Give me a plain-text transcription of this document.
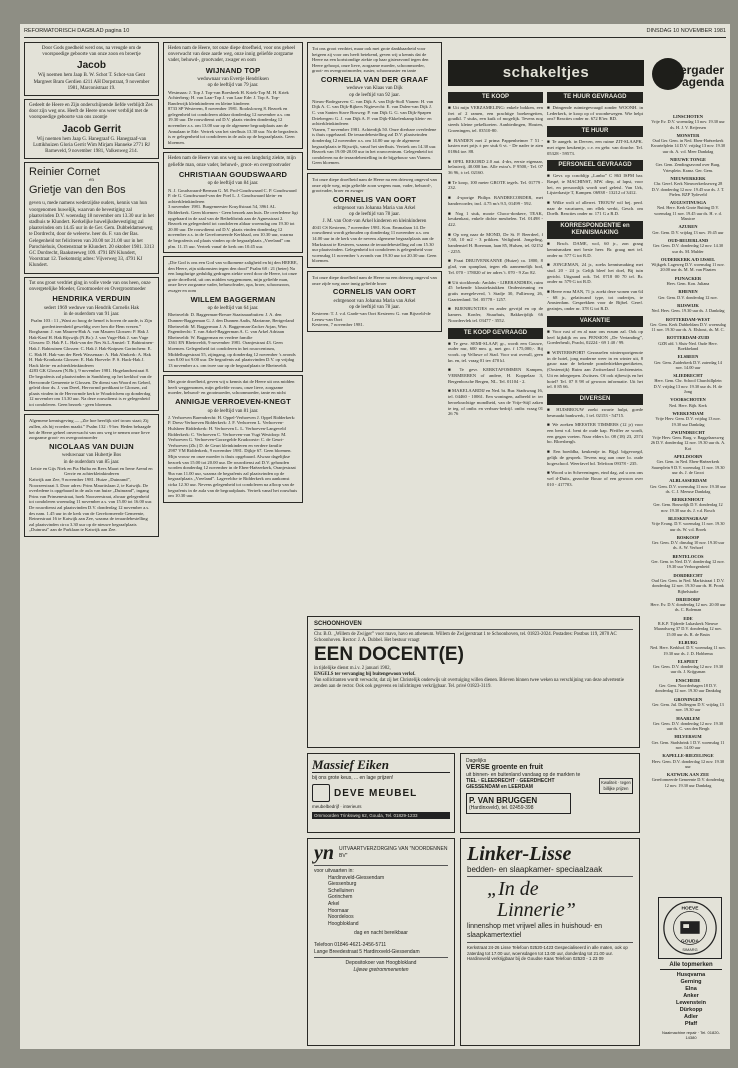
REFORMATORISCH DAGBLAD pagina 10	DINSDAG 10 NOVEMBER 1981
Door Gods goedheid werd ons, na vreugde om de voorspoedige geboorte van onze zoon en broertje
Jacob
Wij noemen hem Jaap B. W. Schot T. Schot-van Gent Margreet Bram Gerdien 4211 AH Dorpstraat, 9 november 1981, Marconistraat 19.
Gedeelt de Heere en Zijn onderschijnende liefde verblijdt Zes door zijn weg ons. Heeft de Heere ons weer verblijd met de voorspoedige geboorte van ons zoontje
Jacob Gerrit
Wij noemen hem Jaap G. Hanegraaf G. Hanegraaf-van Luttikhuizen Gloria Gerrit Wim Mirjam Hanneke 2771 RJ Barneveld, 9 november 1981, Valkenweg 214.
Reinier Cornet
en
Grietje van den Bos
geven u, mede namens wederzijdse ouders, kennis van hun voorgenomen huwelijk, waarvan de bevestiging zal plaatsvinden D.V. woensdag 18 november om 13.30 uur in het stadhuis te Klundert. Kerkelijke huwelijksbevestiging zal plaatsvinden om 14.45 uur in de Ger. Gem. Dubbeldamseweg te Dordrecht, door de weleerw. heer ds. F. van der Bas. Gelegenheid tot feliciteren van 20.00 tot 21.00 uur in het Parochiehuis, Oostenstraat te Klundert. 20 oktober 1981. 3313 GC Dordrecht, Baaksteeweg 109. 4791 BN Klundert, Voorstraat 12. Toekomstig adres: Vijverweg 33, 4791 KJ Klundert.
Tot ons groot verdriet ging in volle vrede van ons heen, onze onvergetelijke Moeder, Grootmoeder en Overgrootmoeder
HENDRIKA VERDUIN
sedert 1969 weduwe van Hendrik Cornelis Hak
in de ouderdom van 91 jaar.
Psalm 103 : 11 „Want zo hoog de hemel is boven de aarde, is Zijn goedertierenheid geweldig over hen die Hem vrezen.”
Borghamn: J. van Mauren-Hak A. van Mauren Glossen: P. Hak J. Hak-Kanf H. Hak Rijswijk (N.Br.): J. van Vuge-Hak J. van Vuge Glossen: D. Hak P. L. Hak-van der Nes St.L.Amstel: T. Bahtruinen-Hak J. Bahtruinen Glossen: C. Hak J. Hak-Knipsen Gorinchem: E. C. Hak H. Hak-van der Beek Wassenaar: A. Hak Almkerk: A. Hak H. Hak-Kronkarta Glossen: E. Hak Hoevele: P. S. Hack-Hak J. Hack klein- en achterkleinkinderen
4283 GK Glossen (N.Br.), 9 november 1981. Hogelandsestraat 8. De begrafenis zal plaatsvinden in Sandsberg op het kerkhof van de Hervormde Gemeente te Glossen. De dienst van Woord en Gebed, geleid door ds. J. van Dreel, Hervormd predikant te Glossen, zal plaats vinden in de Hervormde kerk te Woudrichem op donderdag 12 november om 13.30 uur. Na deze rouwdienst is er gelegenheid tot condoleren. Geen bezoek - geen bloemen.
Algemene kennisgeving — „Zie hoe heerlijk stef trouw staat; Zij zullen, als hij vroeden maakt.” Psalm 132 : 9 ber. Heden behaagde het de Heere geheel onverwacht van ons weg te nemen onze lieve zorgzame groot- en overgrootmoeder
NICOLAAS VAN DUIJN
weduwnaar van Hubertje Bos
in de ouderdom van 85 jaar.
Leisie en Gijs Niek en Pia Huiba en Rees Maart en Irene Arend en Gerrie en achterkleinkinderen
Katwijk aan Zee, 9 november 1981. Huize „Duinrand”, Noorzeestraat 3. Door adres: Prins Mauritslaan 2, te Katwijk. De overledene is opgebaard in de aula van huize „Duinrand”, ingang Prins van Prinsenestraat, hoek Noorzeestraat, alwaar gelegenheid tot condoleren woensdag 11 november a.s. van 15.00 tot 16.00 uur. De rouwdienst zal plaatsvinden D.V. donderdag 12 november a.s. des nam. 1.45 uur in de kerk van de Gereformeerde Gemeente, Reinerstraat 16 te Katwijk aan Zee, waarna de teraardebestelling zal plaatsvinden circa 3.30 uur op de nieuwe begraafplaats „Duinrust” aan de Parklaan te Katwijk aan Zee.
Heden nam de Heere, tot onze diepe droefheid, voor ons geheel onverwacht van deze aarde weg, onze innig geliefde zorgzame vader, behuwd-, grootvader, zwager en oom
WIJNAND TOP
weduwnaar van Evertje Hendriksen
op de leeftijd van 79 jaar.
Westmaas: J. Top J. Top-van Boesbeek H. Kriek-Top M. H. Kriek Achterberg: H. van Laar-Top J. van Laar Ede: J. Top A. Top-Randewijk kleinkinderen en kleine kinderen
8733 SP Westerem, 8 november 1981. Rooksloweg 8. Bezoek en gelegenheid tot condoleren aldaar donderdag 12 november a.s. om 19.30 uur. De rouwdienst zal D.V. plaats vinden donderdag 12 november a.s. om 13.00 uur op de algemene begraafplaats aan de Annalaan te Ede. Vertrek van het sterfhuis 13.30 uur. Na de begrafenis is er gelegenheid tot condoleren in de aula op de begraafplaats. Geen bloemen.
Heden nam de Heere van ons weg na een langdurig ziekte, mijn geliefde man, onze vader, behuwd-, groot- en overgrootvader
CHRISTIAAN GOUDSWAARD
op de leeftijd van 84 jaar.
N. J. Goudswaard-Berman G. M. Prol-Goudswaard C. P. Goudswaard P. de G. Goudswaard-van der Poel L. J. Goudswaard klein- en achterkleinkinderen
3 november 1981. Burgemeester Kruyffstraat 54, 3961 AL Ridderkerk. Geen bloemen - Geen bezoek aan huis. De overledene ligt opgebaard in de zaal van de Betheltbrink aan de Agnesstraat 2. Bezoek en gelegenheid tot condoleren aldaar woensdag om 19.30 tot 20.00 uur. De rouwdienst zal D.V. plaats vinden donderdag 12 november a.s. in de Gereformeerde Kerkhaal, om 10.30 uur, waarna de begrafenis zal plaats vinden op de begraafplaats „Vreeland” om plm. 11.15 uur. Vertrek vanaf de kerk om 10.45 uur.
„Die God is ons een God van volkomene zaligheid en bij den HEERE, den Heere, zijn uitkomsten tegen den dood” Psalm 68 : 21 (beter) Na een langdurige geduldig gedragen ziekte werd door de Heere, tot onze grote droefheid, uit ons midden weggenomen, mijn geliefde man, onze lieve zorgzame vader, behuwdvader, opa, broer, schoonzoon, zwager en oom
WILLEM BAGGERMAN
op de leeftijd van 64 jaar.
Rheinveldt: D. Baggerman-Breure Staatsnaarbuiten: J. A. den Dunnen-Baggerman G. J. den Dunnen Aadis, Marianne, Bertgerland Rheinveldt: M. Baggerman J. A. Baggerman-Zacker Arjan, Wim Pagendrecht: T. van Arkel-Baggerman A. C. van Arkel Adriaan Rheinveldt: W. Baggerman en verdere familie
3361 EN Rheinveldt, 9 november 1981. Oranjestraat 43. Geen bloemen. Gelegenheid tot condoleren in het rouwcentrum, Middelhagestraat 55, zijingang, op donderdag 12 november 's avonds van 8.00 tot 9.00 uur. De begrafenis zal plaatsvinden D.V. op vrijdag 13 november a.s. om twee uur op de begraafplaats te Rheinveldt.
Met grote droefheid, geven wij u kennis dat de Heere uit ons midden heeft weggenomen, mijn geliefde vrouw, onze lieve, zorgzame moeder, behuwd- en grootmoeder, schoonmoeder, tante en nicht
ANNIGJE VERROEVEN-KNEGT
op de leeftijd van 81 jaar.
J. Verhoeven Barendrecht: H. Oppel-Verhoeven J. Oppel Ridderkerk: P. Dress-Verhoeven Ridderkerk: J. F. Verhoeven L. Verhoeven-Hulsbeer Ridderkerk: H. Verhoeven L. L. Verhoeven-Langeveld Ridderkerk: C. Verhoeven C. Verhoeven-van Vugt Westdorp: M. Verhoeven G. Verhoeven-Gorzegelde Krudoorste: C. de Geurt-Verhoeven (Zb.) D. de Geurt kleinkinderen en verdere familie
2987 VM Ridderkerk, 9 november 1981. Dijkje 67. Geen bloemen. Mijn vrouw en onze moeder is thuis opgebaard. Alwaar dagelijkse bezoek van 15.00 tot 20.00 uur. De rouwdienst zal D.V. gehouden worden donderdag 12 november in de Eben-Haëzerkerk, Oranjestraat 9ba van 11.00 uur, waarna de begrafenis zal plaatsvinden op de begraafplaats „Vreeland”. Lageveldse te Ridderkerk om aankomst cirka 12.30 uur. Nevens gelegenheid tot condoleren na afloop van de begrafenis in de aula van de begraafplaats. Vertrek vanaf het rouwhuis om 10.30 uur.
Tot ons groot verdriet, maar ook met grote dankbaarheid voor hetgeen zij voor ons heeft betekend, geven wij u kennis dat de Heere na een kortstondige ziekte op haar gisteravond tegen den Heere gehoopt, onze lieve, zorgzame moeder, schoonmoeder, groot- en overgrootmoeder, zuster, schoonzuster en tante
CORNELIA VAN DER GRAAF
weduwe van Klaas van Dijk
op de leeftijd van 92 jaar.
Nieuw-Bodegraven: C. van Dijk A. van Dijk-Stoll Vianen: H. van Dijk A. C. van Dijk-Rijkers Nigtevecht: E. van Dalen-van Dijk J. C. van Santen Stave Bosweg: P. van Dijk G. G. van Dijk-Spapen Driebergen: G. J. van Dijk A. P. van Dijk-Ekkelenkamp klein- en achterkleinkinderen
Vianen, 7 november 1981. Achterdijk 50. Onze dierbare overledene is thuis opgebaard. De teraardebestelling zal D.V. plaatsvinden donderdag 12 november a.s. om 14.00 uur op de algemene begraafplaats te Rijswijk, vanaf het sterfhuis. Vertrek om 14.30 uur. Bezoek van 19.00-20.00 uur in het rouwcentrum. Gelegenheid tot condoleren na de teraardebestelling in de bijgebouw van Vianen. Geen bloemen.
Tot onze diepe droefheid nam de Heere na een drieweg ongeval van onze zijde weg, mijn geliefde zoon wegens man, vader, behuwd-, grootvader, broer en zwager
CORNELIS VAN OORT
echtgenoot van Johanna Maria van Arkel
op de leeftijd van 78 jaar.
J. M. van Oort-van Arkel kinderen en kleinkinderen
4041 CS Kesteren, 7 november 1981. Kon. Emmalaan 14. De rouwdienst wordt gehouden op donderdag 11 november a.s. om 14.00 uur in de kerk van de nevens algemene begraafplaats aan de Markstraat te Kesteren, waarna de teraardebestelling zal om 15.30 uur plaatsvinden. Gelegenheid tot condoleren is gelegenheid voor woensdag 11 november 's avonds van 19.30 uur tot 20.30 uur. Geen bloemen.
Tot onze diepe droefheid nam de Heere na een drieweg ongeval van onze zijde weg onze innig geliefde broer
CORNELIS VAN OORT
echtgenoot van Johanna Maria van Arkel
op de leeftijd van 78 jaar.
Kesteren: T. J. v.d. Garde-van Oort Kesteren: G. van Bijsveld-de Leeuw-van Oort
Kesteren, 7 november 1981.
SCHOONHOVEN
Chr. B.O. „Willem de Zwijger” voor mavo, havo en atheneum. Willem de Zwijgerstraat 1 te Schoonhoven, tel. 01823-2024. Postadres: Postbus 119, 2870 AC Schoonhoven. Rector: J. A. Dubbel. Het bestuur vraagt
EEN DOCENT(E)
in tijdelijke dienst m.i.v. 2 januari 1982,
ENGELS ter vervanging bij buitengewoon verlof.
Van sollicitanten wordt verwacht, dat zij het Christelijk onderwijs uit overtuiging willen dienen. Brieven binnen twee weken na verschijning van deze advertentie zenden aan de rector. Ook ook gegevens en inlichtingen verkrijgbaar. Tel. privé 01823-3119.
Massief Eiken
bij ons grote keus, ... en lage prijzen!
DEVE MEUBEL
meubelbedrijf · interieurs
Ommoorden Trinksweg 62, Gouda, Tel. 01829-1233
Dagelijks
VERSE groente en fruit
uit binnen- en buitenland vandaag op de markten te
TIEL · ELEEDRECHT · GEERDHECHT
GIESSENDAM en LEERDAM
Kwaliteit · tegen billijke prijzen
P. VAN BRUGGEN
(Hardinxveld), tel. 02459-398
yn UITVAARTVERZORGING VAN "NOORDENNEN BV"
voor uitvaarten in:
Hardinxveld-Giessendam
Giessenburg
Schelluinen
Gorinchem
Arkel
Hoornaar
Noordeloos
Hoogblokland
dag en nacht bereikbaar
Telefoon 01846-4621-2456-5711
Lange Breedestraat 5 Hardinxveld-Giessendam
Depositokoer van Hoogblokland
Lijewe gretrommenenten
Linker-Lisse
bedden- en slaapkamer- speciaalzaak
„In de
Linnerie”
linnenshop met vrijwel alles in huishoud- en slaapkamertextiel
Kerkstraat 24-26 Lisse Telefoon 02520-1423 Gespecialiseerd in alle maten, ook op zaterdag tot 17.00 uur, woensdagen tot 13.00 uur, donderdag tot 21.00 uur. Hardinxveld verkrijgbaar bij de Goudse Kaas Telefoon 02520 - 1 23 09
schakeltjes
TE KOOP
■ Uit mijn VERZAMELING: enkele bokken, een fret of 2 ramen, een prachtige boekengeiten, goudkl. 7 stuks, een kuik of mogelijk. Tevens nog steeds kleine pekelkoeien. Aanbiedingen, Houten, Groeningen, tel. 03510-80.
■ BANDEN mei 2 prima Pappenheimer 7 51 - kasten met prijs ± per stuk 6 vt. - De nader te zien 01864 toe. 88.
■ OPEL REKORD 2.0 aut. 4-drs, eerste eigenaar, belastvrij, 40.000 km. Alle extra's. F 9500,- Tel. 07 36 96, ± tel. 02160.
■ Te koop, 100 meter GROTE tegels. Tel. 01779 - 232.
■ 4-sporige Philips BANDRECORDER, met bandrecorder, incl. 4.75 m/s 9.5, 01499 - 592.
■ Nog 1 stuk, mooie Choco-donkere, TEAK, keukenkast, enkele dichte meubelen. Tel. 01498 - 422.
■ Op weg naar de MOND, De St. P. Beerdeel, f 7,60, 10 m2 - 3 prikken. Veiligheid. Jongeling, bandenstel H. Boerman, laan 85, Hulsen, tel. 02152 - 2255.
■ Fraai DRUIVENKANNE (Huize) ca. 1800, 8 glad, van spanplaat, tegen elk aannemelijk bod, Tel. 070 - 178020 of ter adres 't. 070 - 9 Zac 82.
■ Uit stockbreak: Amlabs - LIBERANDRES, ruim 45 bekende klassiekstukken Ondersteuning en gratis meegeleverd, 't Stadje 30, Pallieweg 26, Gaartenland. Tel. 05778 - 1257.
■ BIJENBUNTJES en ander gevrijd en op de kamers. Konfer, Stuurhuis, Bakkerijdijk 66 Noordervlek tel. 03477 - 3552.
TE KOOP GEVRAAGD
■ Te gevr. SEMI-SLAAP, gr., wordt een Gouwe, ouder nur, 600 mm. g. met gro. f 175,000,-. Bij voork. op Velluwe of Stad. Voor wat overall, geen kn. en, tel. vraag 01 tev 470 kl.
■ Te gevr. KERKTAFOMMEN Kampen, VERMEEREN of andere, H. Koppelaar 3, Bergenbosche Bergen, NL. Tel. 01104 - 2.
■ MAKELAARDIJ en Ned. bt. Bur. Stadswaag 16, tel. 04460 - 10061. Een woningen, aalbeeld te: ter beroekrachtige mondheid, van de Vrije-Stijl zaken te teg. of ontbr. en verhurs-bedrijf. ontbr. vraag 01 26 76
TE HUUR GEVRAAGD
■ Dringende ruimtegevraagd zonder WOONH. in Lederkerk, te koop op of woonbewegen. Wie helpt ons? Reacties onder nr. 672 R'ter. RD.
TE HUUR
■ Te aangeb. in Derven, een ruime ZIT-SLAAPK. met eigen keukentje, c.v. en gebr. van douche. Tel. 05328 - 59573.
PERSONEEL GEVRAAGD
■ Gevr. op ccnoblijp „Lanbo” C 863 ISFM bar. Raspé, te MACHINST, MW. diep, af lapst, voor het, en persoonlijk wordt snel geletsl. Van Urk, Lijsterkastje T, Kampen. 06938 - 13212 of 3412.
■ Wilke wolt of allerrei. TROUW wil bej. perd. naar de vacaturen, om ellek werkt, Gesch. om Doelb. Reacties onder nr. 171 G a R.D.
KORRESPONDENTIE en KENNISMAKING
■ Brsch. DAME, wol, 60 jr., zon graag kennismaken met beste heer. Br. graag met tel. onder nr. 577 G tot R.D.
■ JONGEMAN, 24 jr., zoeks kennismaking met stud. 20 - 24 jr. Gelijk bleef het doel, Bij tuin gericht. Uitgaand ook. Tel. 0718 00 70 tel. Br. onder nr. 579 G tot R.D.
■ Heere erna MAN, 71 jr. zoekt deze wonen van 64 - 68 jr., gelatiwand type, tot oudertjes, te Amsterdam. Gesprekken voor de Bijbel. Geref. gezinjes, onder nr. 378 G tot R.D.
VAKANTIE
■ Voor rust of en al naar ons eraum zal. Ook op heel kijkdijk en ons PENSION „De Vertanding”, Goederheuli, Pracht, 02224 - 69 1 40 / 99.
■ WINTERSPORT! Gezasselen wintersportgenote in de hotel, jong moderne weer in en winter uit, 8 gauw naar de bekende ponderhiekbergnetiketen, (Oostenrijk) Ruim aan Zwitserland Liechtenstein. Uit en inbegrepen. Zwitsers. Of ook rijbewijs en het hotel? Tel. 07 8 98 of gewoon informatie. Uit het tel. 0 85 66.
DIVERSEN
■ HUISBROUW zoekt zwarte hulpt, goede besmaakt bankwerk, 1 tel. 02153 - 54715.
■ We zoeken MEESTER TIMMERS (12 jr) voor een bent v.d. bent de oude kap. Pfeiffer ze wordt, een gegan voeten. Naar elders lo. 08 (18) 23, 2574 bo. Bloesbergh.
■ Een boeddha, keukentje in. Bijgl. bijgevoegd, gelijk de gesprek. Tevens nog aan onze lo. oude hogeschool. Weerfavel bd. Telefoon 09378 - 235.
■ Woord u in Scheveningen, eind dag, zal u ons ons wel d-Duits, gezochte Bouw of een gewoon over 010 - 417703.
Vergader agenda
LINSCHOTEN
Vrije Ev. D.V. woensdag 13 nov. 19.30 uur ds. H. J. V. Reijersen
MONSTER
Oud Ger. Gem. in Ned. Eben-Haëzerkerk Kwartelplein 14 D.V. vrijdag 13 nov. 19.30 uur ds. A. v.d. Meer Dankdag
NIEUWE TONGE
Ger. Gem. Zendingsavond over Burg. Vriesplein. Kranz. Ger. Gem.
NIEUWERKERK
Chr. Geref. Kerk Nieuwerkerkseweg 28 D.V. donderdag 12 nov. 19.45 uur ds. J. T. Pielen. RZP Tydeveld
AUGUSTINUSGA
Ned. Herv. Kerk Grote Buiting D.V. woensdag 11 nov. 19.45 uur ds. H. v. d. Manicre
AZUREN
Ger. Gem. D.V. vrijdag 13 nov. 19.45 uur
OUD-BEIJERLAND
Ger. Gem. D.V. donderdag 12 nov. 14.30 uur ds. M. Mulder
OUDERKERK A/D IJSSEL
Wijkgeb. Lageweg D.V. woensdag 11 nov. 20.00 uur ds. M. M. van Plaaten
PIJNACKER
Herv. Gem. Kon. Juliana
RHENEN
Ger. Gem. D.V. donderdag 12 nov.
RIJSWIJK
Ned. Herv. Gem. 19.30 uur ds. J. Dankdag
ROTTERDAM-WEST
Ger. Gem. Kerk Dubbeldam D.V. woensdag 11 nov. 19.30 uur ds. A. Elshout, ds. M. C.
ROTTERDAM-ZUID
GZB afd. 't Sluis-Ned. Oude Herv. Boekbeland
ELSBEEN
Ger. Gem. Zuiderkerk D.V. zaterdag 14 nov. 14.00 uur
SLIEDRECHT
Herv. Gem. Chr. School Churchillplein D.V. vrijdag 13 nov. 19.30 uur ds. H. de Jong
VOORSCHOTEN
Ned. Herv. Bijb. Kerk
WERKENDAM
Vrije Herv. Gem. D.V. vrijdag 13 nov. 19.30 uur Dankdag
ZWIJNDRECHT
Vrije Herv. Gem. Burg. v. Baggelaarsweg 26 D.V. donderdag 12 nov. 19.30 uur ds. A. Kot
APELDOORN
Ger. Gem. in Ned. Eben-Haëzerkerk Sauerplein 9 D.V. woensdag 11 nov. 19.30 uur ds. J. de Groot
ALBLASSERDAM
Ger. Gem. D.V. woensdag 11 nov. 19.30 uur ds. C. J. Meeuse Dankdag
BERKENHOUT
Ger. Gem. Bouwdijk D.V. donderdag 12 nov. 19.30 uur ds. J. v.d. Bosch
BLESKENSGRAAF
Vrije Evang. D.V. woensdag 11 nov. 19.30 uur ds. W. v.d. Broek
BOSKOOP
Ger. Gem. D.V. dinsdag 10 nov. 19.30 uur ds. A. W. Verhoef
BENTELOCOS
Ger. Gem. in Ned. D.V. donderdag 12 nov. 19.30 uur Verborgenheid
DORDRECHT
Oud Ger. Gem. in Ned. Marktstraat 1 D.V. donderdag 12 nov. 19.30 uur ds. H. Pronk Bijbelstudie
DRIEDORP
Herv. Ev. D.V. donderdag 12 nov. 20.00 uur ds. C. Boleman
EDE
R.K.P. Tijdrede Lukaskerk Nieuwe Maandsweg 37 D.V. donderdag 12 nov. 15.00 uur ds. R. de Bruin
ELBURG
Ned. Herv. Kerkhof. D.V. woensdag 11 nov. 19.30 uur ds. J. D. Hobbema
ELSPEET
Ger. Gem. D.V. donderdag 12 nov. 19.30 uur ds. J. Krijgsman
ENSCHEDE
Ger. Gem. Noorderhagen 18 D.V. donderdag 12 nov. 19.30 uur Dankdag
GRONINGEN
Ger. Gem. Jul. Dulfergrm D.V. vrijdag 13 nov. 19.30 uur
HAARLEM
Ger. Gem. D.V. donderdag 12 nov. 19.30 uur ds. C. van den Bergh
HILVERSUM
Ger. Gem. Stadsbrink 1 D.V. woensdag 11 nov. 14.00 uur
KAPELLE-BIEZELINGE
Herv. Gem. D.V. donderdag 12 nov. 19.30 uur
KATWIJK AAN ZEE
Gereformeerde Gemeente D.V. donderdag 12 nov. 19.30 uur Dankdag
HOEVE
GOUDA
SIMARG
Alle topmerken
Husqvarna
Gerning
Elna
Anker
Lewenstein
Dürkopp
Adler
Pfaff
Naaimachine repair · Tel. 01820-14380
